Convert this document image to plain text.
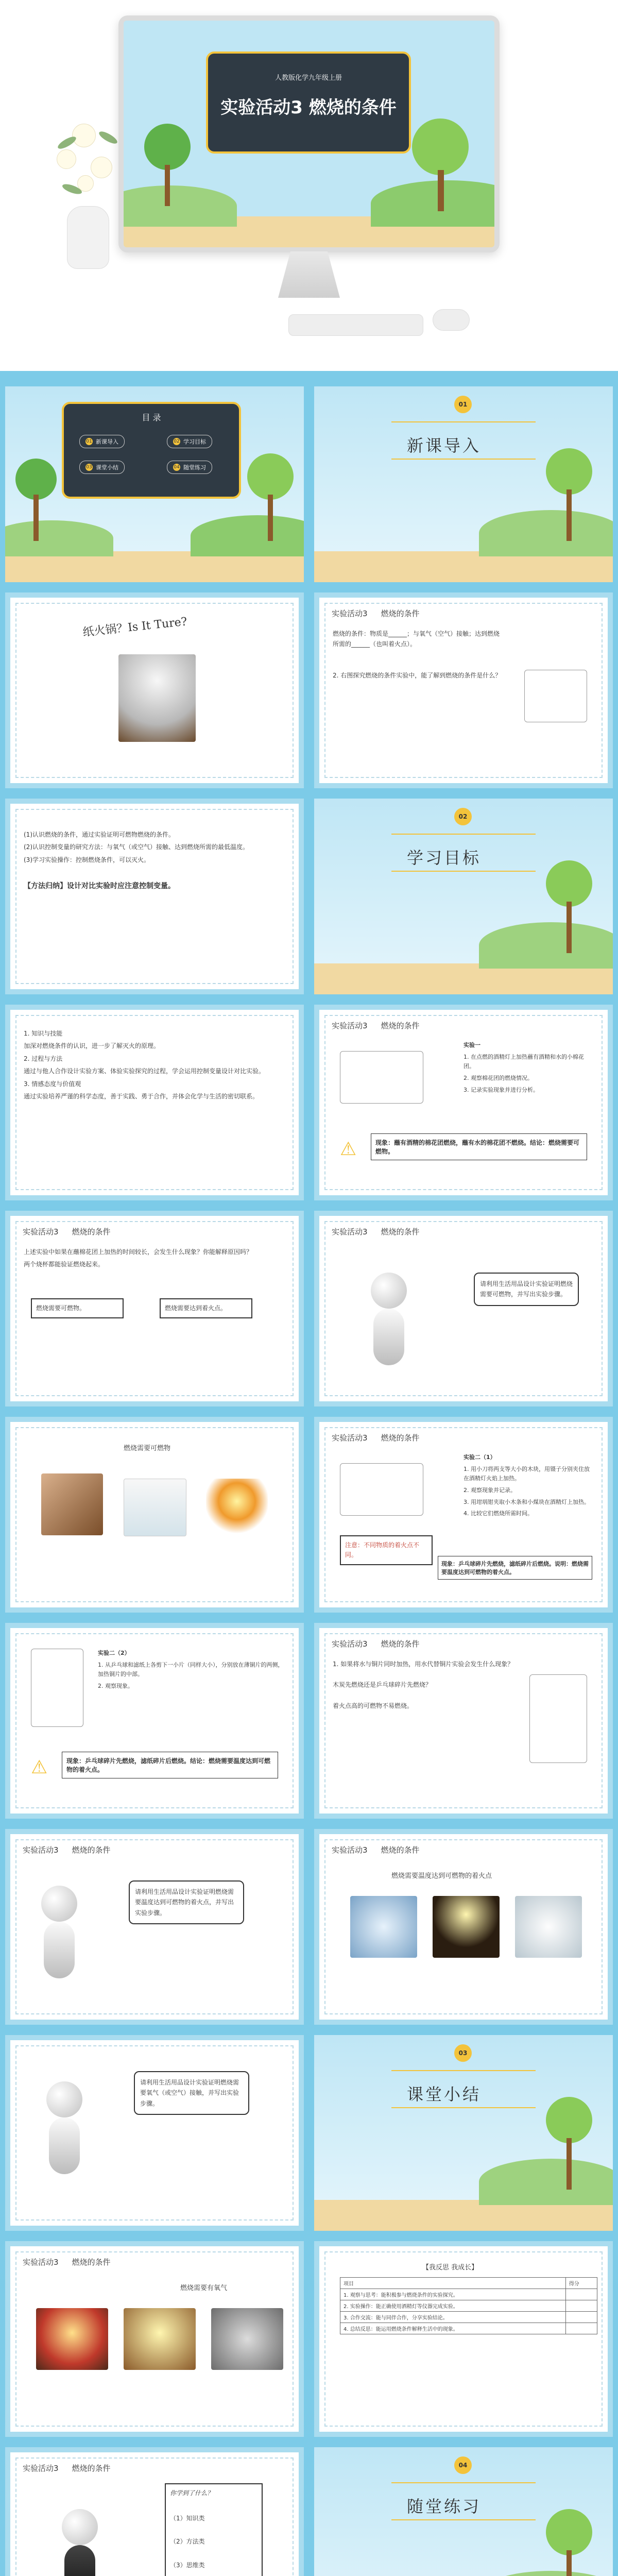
人教版化学九年级上册
实验活动3 燃烧的条件
目 录
01 新课导入	02 学习目标
03 课堂小结	04 随堂练习
01
新课导入
纸火锅？Is It Ture?
实验活动3 燃烧的条件

燃烧的条件：物质是______；与氧气（空气）接触；达到燃烧所需的______（也叫着火点）。

2. 右图探究燃烧的条件实验中，能了解到燃烧的条件是什么？

(1)认识燃烧的条件，通过实验证明可燃物燃烧的条件。

(2)认识控制变量的研究方法：与氧气（或空气）接触、达到燃烧所需的最低温度。

(3)学习实验操作：控制燃烧条件，可以灭火。

【方法归纳】设计对比实验时应注意控制变量。

02
学习目标

1. 知识与技能

加深对燃烧条件的认识，进一步了解灭火的原理。

2. 过程与方法

通过与他人合作设计实验方案、体验实验探究的过程，学会运用控制变量设计对比实验。

3. 情感态度与价值观

通过实验培养严谨的科学态度，善于实践、勇于合作，并体会化学与生活的密切联系。

实验活动3 燃烧的条件

实验一

1. 在点燃的酒精灯上加热蘸有酒精和水的小棉花团。

2. 观察棉花团的燃烧情况。

3. 记录实验现象并进行分析。

⚠	现象：蘸有酒精的棉花团燃烧，蘸有水的棉花团不燃烧。结论：燃烧需要可燃物。
实验活动3 燃烧的条件

上述实验中如果在蘸棉花团上加热的时间较长，会发生什么现象？你能解释原因吗？

两个烧杯都能验证燃烧起来。

燃烧需要可燃物。	燃烧需要达到着火点。
实验活动3 燃烧的条件
请利用生活用品设计实验证明燃烧需要可燃物，并写出实验步骤。
燃烧需要可燃物
实验活动3 燃烧的条件

实验二（1）

1. 用小刀将两支等大小的木块，用镊子分别夹住放在酒精灯火焰上加热。

2. 观察现象并记录。

3. 用坩埚钳夹取小木条和小煤块在酒精灯上加热。

4. 比较它们燃烧所需时间。

注意：不同物质的着火点不同。
现象：乒乓球碎片先燃烧，滤纸碎片后燃烧。说明：燃烧需要温度达到可燃物的着火点。

实验二（2）

1. 从乒乓球和滤纸上各剪下一小片（同样大小），分别放在薄铜片的两侧，加热铜片的中部。

2. 观察现象。

⚠	现象：乒乓球碎片先燃烧，滤纸碎片后燃烧。结论：燃烧需要温度达到可燃物的着火点。
实验活动3 燃烧的条件

1. 如果将水与铜片同时加热，用水代替铜片实验会发生什么现象？

木炭先燃烧还是乒乓球碎片先燃烧？

着火点高的可燃物不易燃烧。

实验活动3 燃烧的条件
请利用生活用品设计实验证明燃烧需要温度达到可燃物的着火点，并写出实验步骤。
实验活动3 燃烧的条件
燃烧需要温度达到可燃物的着火点
请利用生活用品设计实验证明燃烧需要氧气（或空气）接触，并写出实验步骤。
03
课堂小结
实验活动3 燃烧的条件
燃烧需要有氧气
【我反思 我成长】
项目	得分
1. 观察与思考：能积极参与燃烧条件的实验探究。	
2. 实验操作：能正确使用酒精灯等仪器完成实验。	
3. 合作交流：能与同伴合作，分享实验结论。	
4. 总结反思：能运用燃烧条件解释生活中的现象。	
实验活动3 燃烧的条件
你学到了什么？
（1）知识类
（2）方法类
（3）思维类
04
随堂练习
